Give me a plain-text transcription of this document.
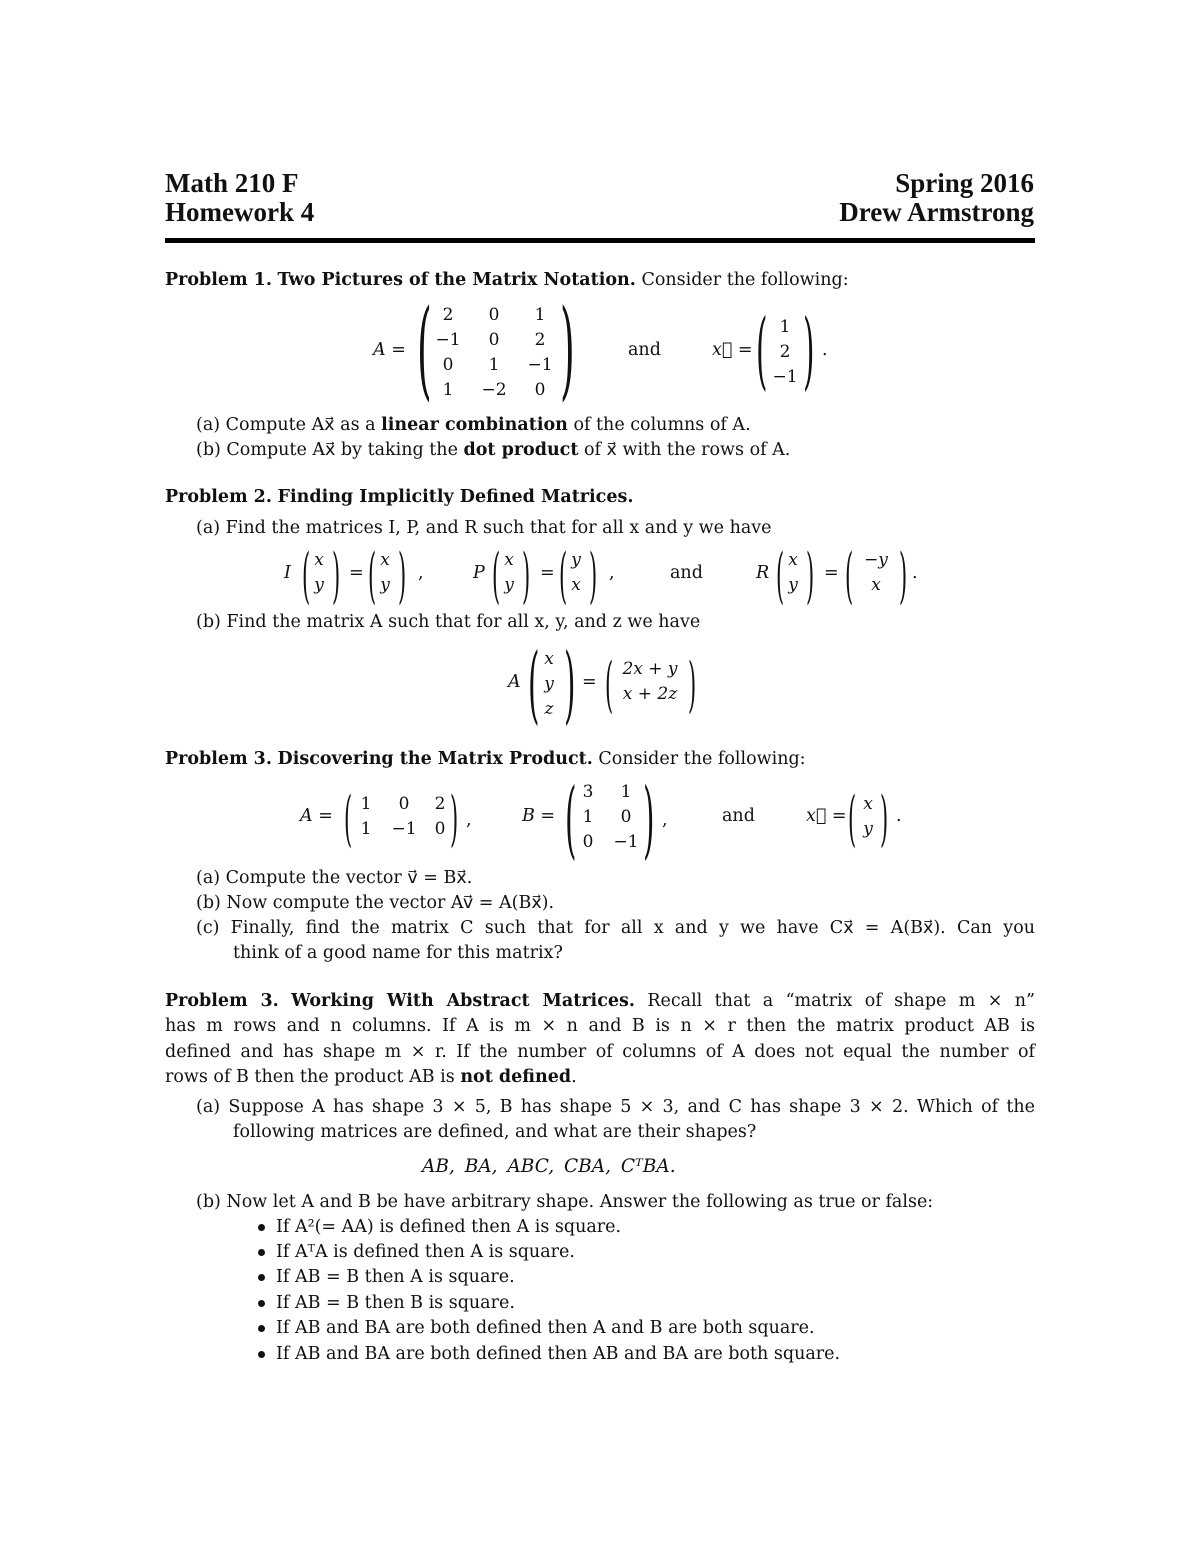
Math 210 F
Homework 4
Spring 2016
Drew Armstrong
Problem 1. Two Pictures of the Matrix Notation. Consider the following:
A = ( )
2	0	1
−1	0	2
0	1	−1
1	−2	0
and	x⃗ = ( )
1
2
−1
.
(a) Compute Ax⃗ as a linear combination of the columns of A.
(b) Compute Ax⃗ by taking the dot product of x⃗ with the rows of A.
Problem 2. Finding Implicitly Defined Matrices.
(a) Find the matrices I, P, and R such that for all x and y we have
I ( x
y ) = ( x
y ) ,	P ( x
y ) = ( y
x ) ,	and	R ( x
y ) = ( −y
x ) .
(b) Find the matrix A such that for all x, y, and z we have
A ( x
y
z ) = ( 2x + y
x + 2z )
Problem 3. Discovering the Matrix Product. Consider the following:
A = ( 1	0	2
1	−1	0 ) ,	B = ( 3	1
1	0
0	−1 ) ,	and	x⃗ = ( x
y ) .
(a) Compute the vector v⃗ = Bx⃗.
(b) Now compute the vector Av⃗ = A(Bx⃗).
(c) Finally, find the matrix C such that for all x and y we have Cx⃗ = A(Bx⃗). Can you
think of a good name for this matrix?
Problem 3. Working With Abstract Matrices. Recall that a “matrix of shape m × n”
has m rows and n columns. If A is m × n and B is n × r then the matrix product AB is
defined and has shape m × r. If the number of columns of A does not equal the number of
rows of B then the product AB is not defined.
(a) Suppose A has shape 3 × 5, B has shape 5 × 3, and C has shape 3 × 2. Which of the
following matrices are defined, and what are their shapes?
AB, BA, ABC, CBA, CᵀBA.
(b) Now let A and B be have arbitrary shape. Answer the following as true or false:
If A²(= AA) is defined then A is square.
If AᵀA is defined then A is square.
If AB = B then A is square.
If AB = B then B is square.
If AB and BA are both defined then A and B are both square.
If AB and BA are both defined then AB and BA are both square.
